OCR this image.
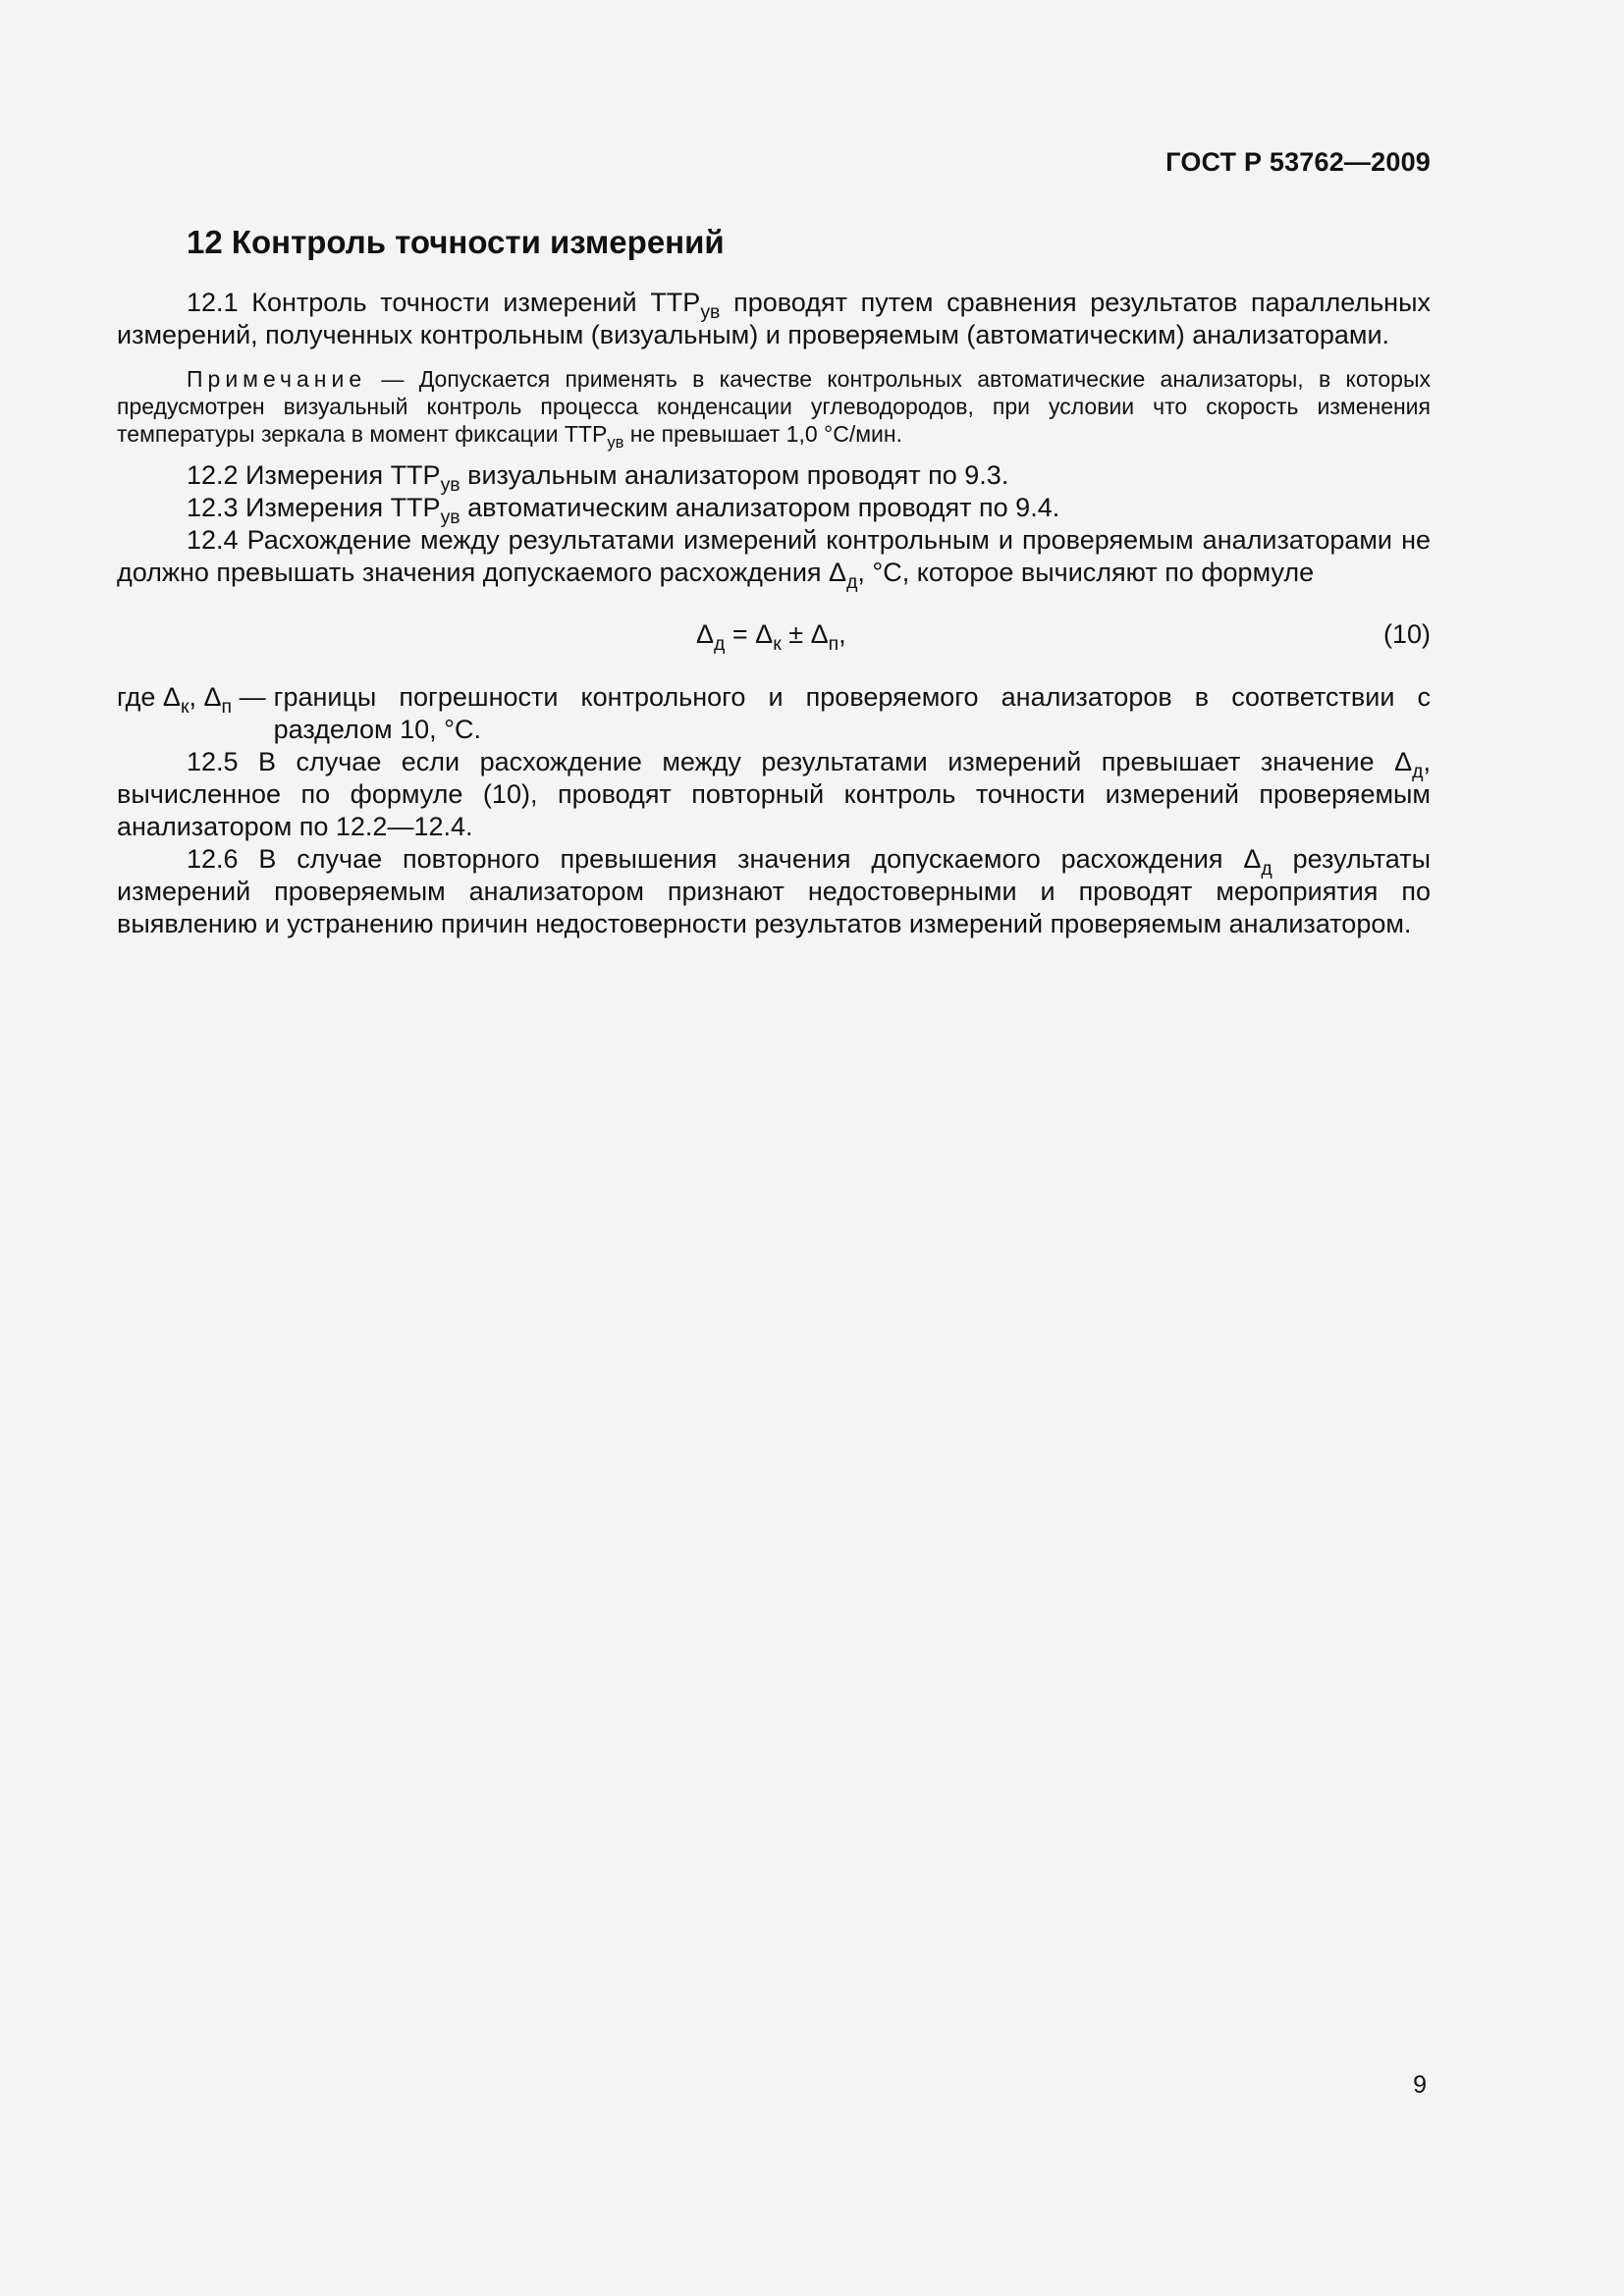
ГОСТ Р 53762—2009
12 Контроль точности измерений

12.1 Контроль точности измерений $ТТР_{ув}$ проводят путем сравнения результатов параллельных измерений, полученных контрольным (визуальным) и проверяемым (автоматическим) анализаторами.

Примечание — Допускается применять в качестве контрольных автоматические анализаторы, в которых предусмотрен визуальный контроль процесса конденсации углеводородов, при условии что скорость изменения температуры зеркала в момент фиксации $ТТР_{ув}$ не превышает 1,0 °С/мин.

12.2 Измерения $ТТР_{ув}$ визуальным анализатором проводят по 9.3.

12.3 Измерения $ТТР_{ув}$ автоматическим анализатором проводят по 9.4.

12.4 Расхождение между результатами измерений контрольным и проверяемым анализаторами не должно превышать значения допускаемого расхождения $\Delta_д$, °С, которое вычисляют по формуле

$\Delta_д = \Delta_к \pm \Delta_п$,	(10)
где $\Delta_к$, $\Delta_п$ — границы погрешности контрольного и проверяемого анализаторов в соответствии с разделом 10, °С.

12.5 В случае если расхождение между результатами измерений превышает значение $\Delta_д$, вычисленное по формуле (10), проводят повторный контроль точности измерений проверяемым анализатором по 12.2—12.4.

12.6 В случае повторного превышения значения допускаемого расхождения $\Delta_д$ результаты измерений проверяемым анализатором признают недостоверными и проводят мероприятия по выявлению и устранению причин недостоверности результатов измерений проверяемым анализатором.

9
